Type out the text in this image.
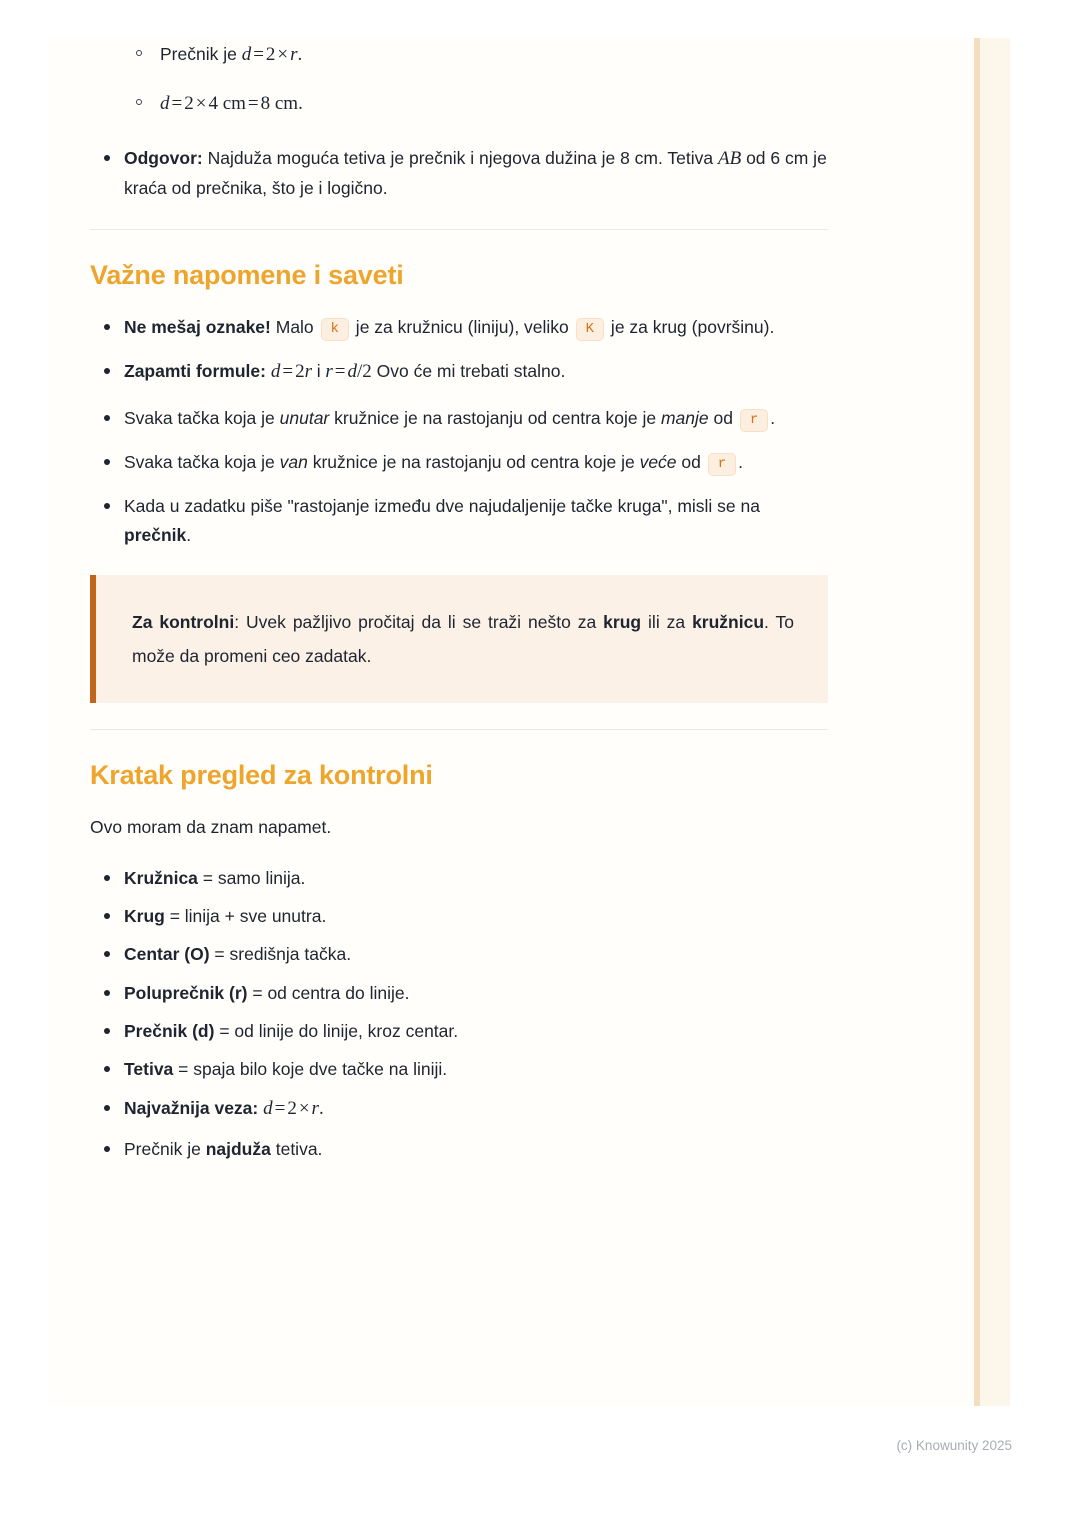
Prečnik je d = 2 × r.
d = 2 × 4 cm = 8 cm.
Odgovor: Najduža moguća tetiva je prečnik i njegova dužina je 8 cm. Tetiva AB od 6 cm je kraća od prečnika, što je i logično.
Važne napomene i saveti
Ne mešaj oznake! Malo k je za kružnicu (liniju), veliko K je za krug (površinu).
Zapamti formule: d = 2r i r = d/2 Ovo će mi trebati stalno.
Svaka tačka koja je unutar kružnice je na rastojanju od centra koje je manje od r .
Svaka tačka koja je van kružnice je na rastojanju od centra koje je veće od r .
Kada u zadatku piše "rastojanje između dve najudaljenije tačke kruga", misli se na prečnik.

Za kontrolni: Uvek pažljivo pročitaj da li se traži nešto za krug ili za kružnicu. To može da promeni ceo zadatak.

Kratak pregled za kontrolni

Ovo moram da znam napamet.

Kružnica = samo linija.
Krug = linija + sve unutra.
Centar (O) = središnja tačka.
Poluprečnik (r) = od centra do linije.
Prečnik (d) = od linije do linije, kroz centar.
Tetiva = spaja bilo koje dve tačke na liniji.
Najvažnija veza: d = 2 × r.
Prečnik je najduža tetiva.
(c) Knowunity 2025
